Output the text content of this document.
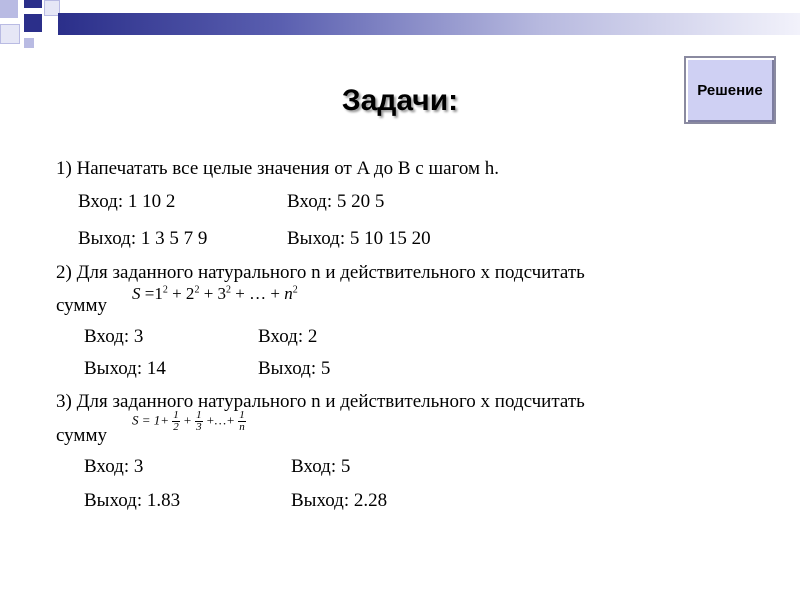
Задачи:	Решение
1) Напечатать все целые значения от A до B с шагом h.
Вход: 1 10 2	Вход: 5 20 5
Выход: 1 3 5 7 9	Выход: 5 10 15 20
2) Для заданного натурального n и действительного x подсчитать
сумму
$S =1^2 + 2^2 + 3^2$ + … + $n^2$
Вход: 3	Вход: 2
Выход: 14	Выход: 5
3) Для заданного натурального n и действительного x подсчитать
сумму
$S = 1+ \frac{1}{2} + \frac{1}{3}$ +…+ $\frac{1}{n}$
Вход: 3	Вход: 5
Выход: 1.83	Выход: 2.28
